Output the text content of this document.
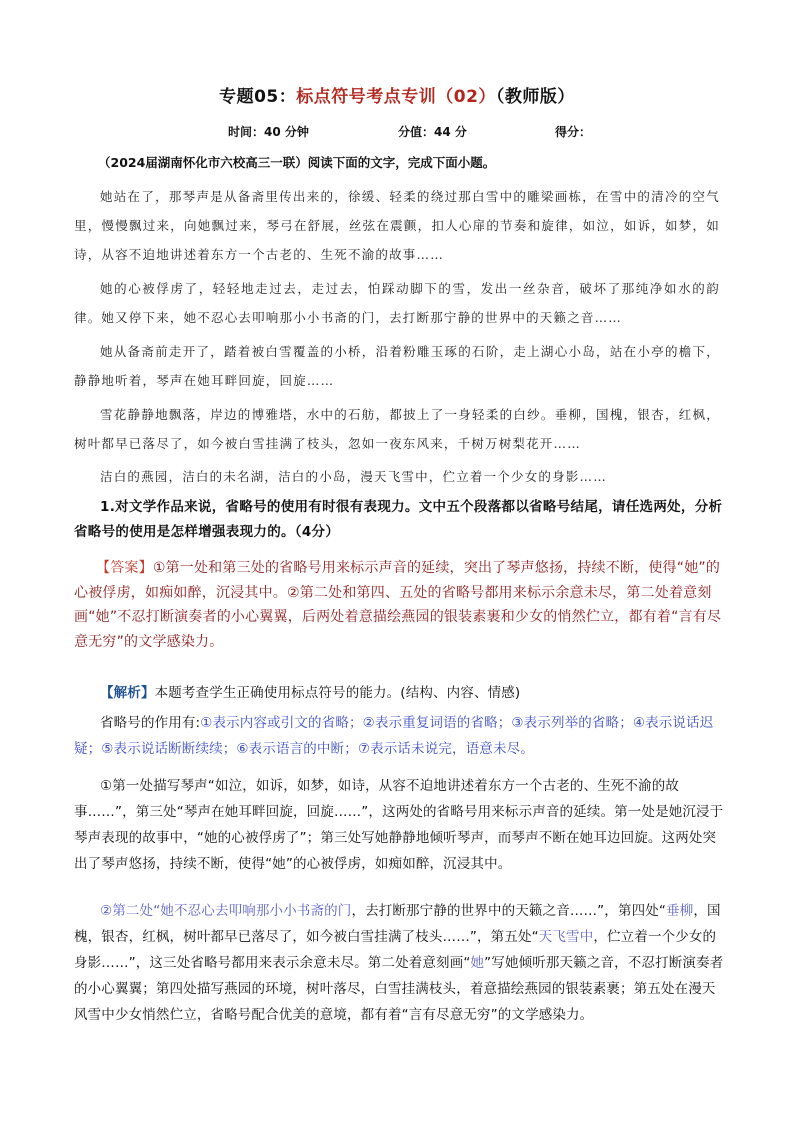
专题05：标点符号考点专训（02）（教师版）
时间：40 分钟	分值：44 分	得分：
（2024届湖南怀化市六校高三一联）阅读下面的文字，完成下面小题。

她站在了，那琴声是从备斋里传出来的，徐缓、轻柔的绕过那白雪中的雕梁画栋，在雪中的清冷的空气里，慢慢飘过来，向她飘过来，琴弓在舒展，丝弦在震颤，扣人心扉的节奏和旋律，如泣，如诉，如梦，如诗，从容不迫地讲述着东方一个古老的、生死不渝的故事……

她的心被俘虏了，轻轻地走过去，走过去，怕踩动脚下的雪，发出一丝杂音，破坏了那纯净如水的韵律。她又停下来，她不忍心去叩响那小小书斋的门，去打断那宁静的世界中的天籁之音……

她从备斋前走开了，踏着被白雪覆盖的小桥，沿着粉雕玉琢的石阶，走上湖心小岛，站在小亭的檐下，静静地听着，琴声在她耳畔回旋，回旋……

雪花静静地飘落，岸边的博雅塔，水中的石舫，都披上了一身轻柔的白纱。垂柳，国槐，银杏，红枫，树叶都早已落尽了，如今被白雪挂满了枝头，忽如一夜东风来，千树万树梨花开……

洁白的燕园，洁白的未名湖，洁白的小岛，漫天飞雪中，伫立着一个少女的身影……

1.对文学作品来说，省略号的使用有时很有表现力。文中五个段落都以省略号结尾，请任选两处，分析省略号的使用是怎样增强表现力的。（4分）

【答案】①第一处和第三处的省略号用来标示声音的延续，突出了琴声悠扬，持续不断，使得“她”的心被俘虏，如痴如醉，沉浸其中。②第二处和第四、五处的省略号都用来标示余意未尽，第二处着意刻画“她”不忍打断演奏者的小心翼翼，后两处着意描绘燕园的银装素裹和少女的悄然伫立，都有着“言有尽意无穷”的文学感染力。

【解析】本题考查学生正确使用标点符号的能力。(结构、内容、情感)

省略号的作用有:①表示内容或引文的省略；②表示重复词语的省略；③表示列举的省略；④表示说话迟疑；⑤表示说话断断续续；⑥表示语言的中断；⑦表示话未说完，语意未尽。

①第一处描写琴声“如泣，如诉，如梦，如诗，从容不迫地讲述着东方一个古老的、生死不渝的故事……”，第三处“琴声在她耳畔回旋，回旋……”，这两处的省略号用来标示声音的延续。第一处是她沉浸于琴声表现的故事中，“她的心被俘虏了”；第三处写她静静地倾听琴声，而琴声不断在她耳边回旋。这两处突出了琴声悠扬，持续不断，使得“她”的心被俘虏，如痴如醉，沉浸其中。

②第二处“她不忍心去叩响那小小书斋的门，去打断那宁静的世界中的天籁之音……”，第四处“垂柳，国槐，银杏，红枫，树叶都早已落尽了，如今被白雪挂满了枝头……”，第五处“天飞雪中，伫立着一个少女的身影……”，这三处省略号都用来表示余意未尽。第二处着意刻画“她”写她倾听那天籁之音，不忍打断演奏者的小心翼翼；第四处描写燕园的环境，树叶落尽，白雪挂满枝头，着意描绘燕园的银装素裹；第五处在漫天风雪中少女悄然伫立，省略号配合优美的意境，都有着“言有尽意无穷”的文学感染力。
